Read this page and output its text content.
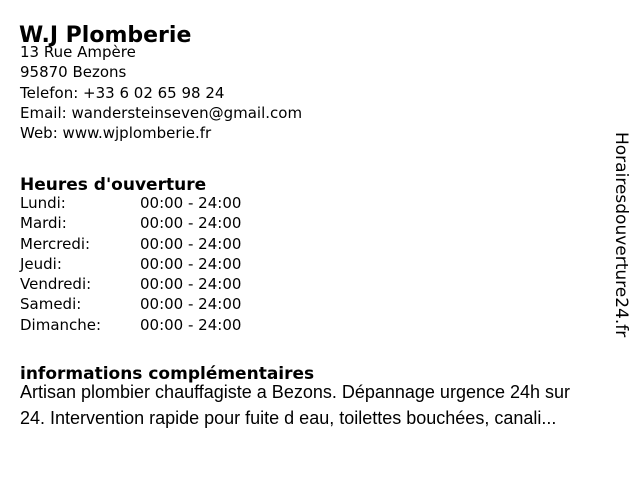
W.J Plomberie
13 Rue Ampère
95870 Bezons
Telefon: +33 6 02 65 98 24
Email: wandersteinseven@gmail.com
Web: www.wjplomberie.fr
Heures d'ouverture
Lundi:	00:00 - 24:00
Mardi:	00:00 - 24:00
Mercredi:	00:00 - 24:00
Jeudi:	00:00 - 24:00
Vendredi:	00:00 - 24:00
Samedi:	00:00 - 24:00
Dimanche:	00:00 - 24:00
informations complémentaires
Artisan plombier chauffagiste a Bezons. Dépannage urgence 24h sur
24. Intervention rapide pour fuite d eau, toilettes bouchées, canali...
Horairesdouverture24.fr
